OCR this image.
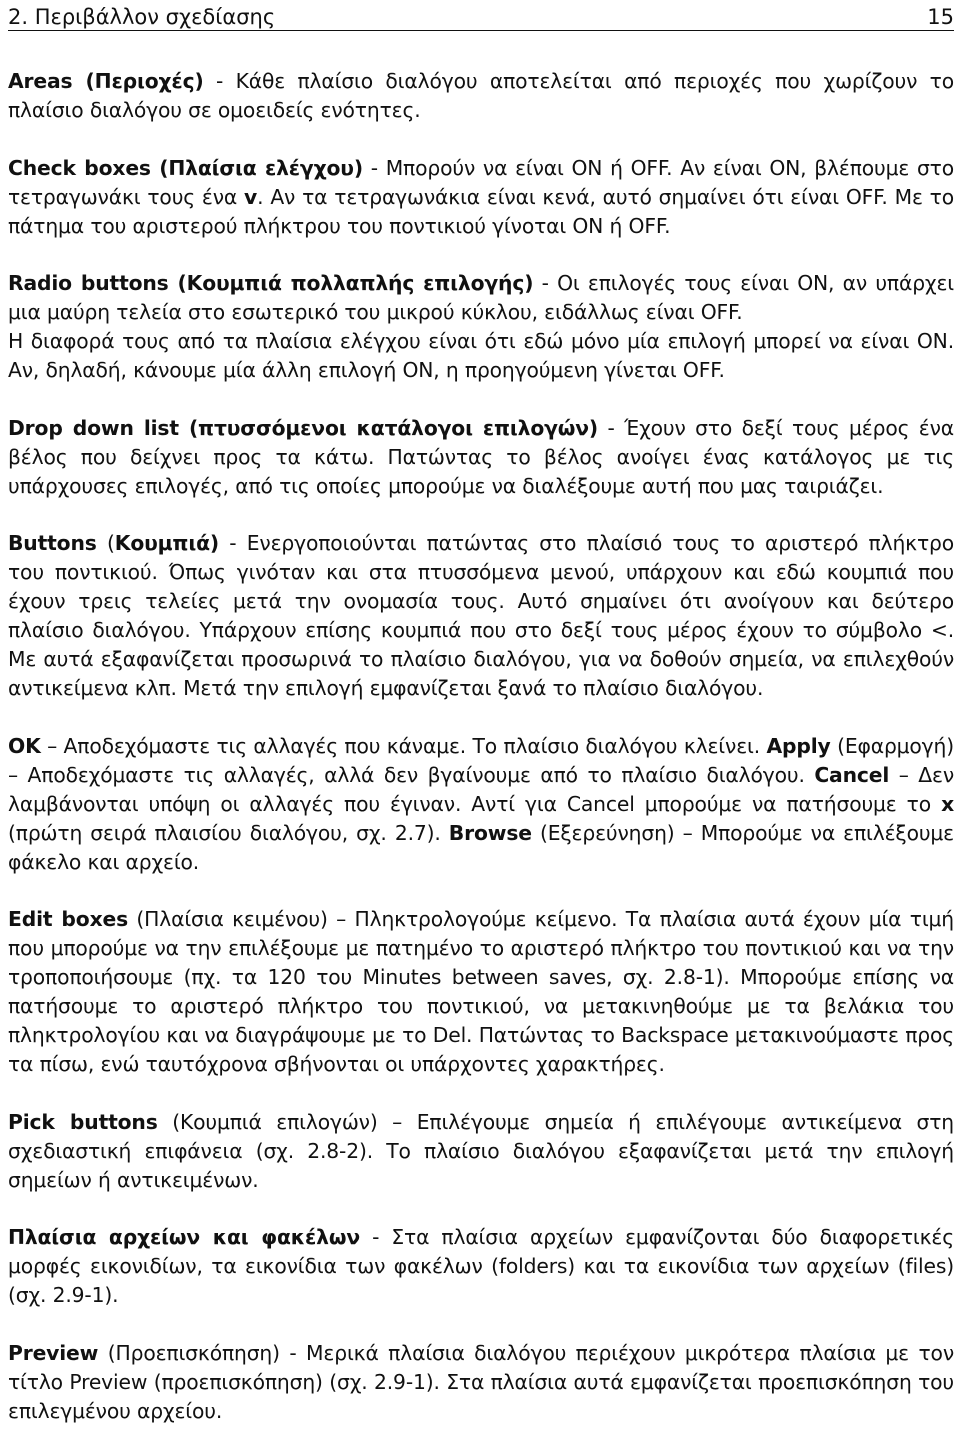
2. Περιβάλλον σχεδίασης	15

Areas (Περιοχές) - Κάθε πλαίσιο διαλόγου αποτελείται από περιοχές που χωρίζουν το πλαίσιο διαλόγου σε ομοειδείς ενότητες.

Check boxes (Πλαίσια ελέγχου) - Μπορούν να είναι ON ή OFF. Αν είναι ON, βλέπουμε στο τετραγωνάκι τους ένα v. Αν τα τετραγωνάκια είναι κενά, αυτό σημαίνει ότι είναι OFF. Με το πάτημα του αριστερού πλήκτρου του ποντικιού γίνοται ON ή OFF.

Radio buttons (Κουμπιά πολλαπλής επιλογής) - Οι επιλογές τους είναι ON, αν υπάρχει μια μαύρη τελεία στο εσωτερικό του μικρού κύκλου, ειδάλλως είναι OFF.
Η διαφορά τους από τα πλαίσια ελέγχου είναι ότι εδώ μόνο μία επιλογή μπορεί να είναι ON. Αν, δηλαδή, κάνουμε μία άλλη επιλογή ON, η προηγούμενη γίνεται OFF.

Drop down list (πτυσσόμενοι κατάλογοι επιλογών) - Έχουν στο δεξί τους μέρος ένα βέλος που δείχνει προς τα κάτω. Πατώντας το βέλος ανοίγει ένας κατάλογος με τις υπάρχουσες επιλογές, από τις οποίες μπορούμε να διαλέξουμε αυτή που μας ταιριάζει.

Buttons (Κουμπιά) - Ενεργοποιούνται πατώντας στο πλαίσιό τους το αριστερό πλήκτρο του ποντικιού. Όπως γινόταν και στα πτυσσόμενα μενού, υπάρχουν και εδώ κουμπιά που έχουν τρεις τελείες μετά την ονομασία τους. Αυτό σημαίνει ότι ανοίγουν και δεύτερο πλαίσιο διαλόγου. Υπάρχουν επίσης κουμπιά που στο δεξί τους μέρος έχουν το σύμβολο <. Με αυτά εξαφανίζεται προσωρινά το πλαίσιο διαλόγου, για να δοθούν σημεία, να επιλεχθούν αντικείμενα κλπ. Μετά την επιλογή εμφανίζεται ξανά το πλαίσιο διαλόγου.

OK – Αποδεχόμαστε τις αλλαγές που κάναμε. Το πλαίσιο διαλόγου κλείνει. Apply (Εφαρμογή) – Αποδεχόμαστε τις αλλαγές, αλλά δεν βγαίνουμε από το πλαίσιο διαλόγου. Cancel – Δεν λαμβάνονται υπόψη οι αλλαγές που έγιναν. Αντί για Cancel μπορούμε να πατήσουμε το x (πρώτη σειρά πλαισίου διαλόγου, σχ. 2.7). Browse (Εξερεύνηση) – Μπορούμε να επιλέξουμε φάκελο και αρχείο.

Edit boxes (Πλαίσια κειμένου) – Πληκτρολογούμε κείμενο. Τα πλαίσια αυτά έχουν μία τιμή που μπορούμε να την επιλέξουμε με πατημένο το αριστερό πλήκτρο του ποντικιού και να την τροποποιήσουμε (πχ. τα 120 του Minutes between saves, σχ. 2.8-1). Μπορούμε επίσης να πατήσουμε το αριστερό πλήκτρο του ποντικιού, να μετακινηθούμε με τα βελάκια του πληκτρολογίου και να διαγράψουμε με το Del. Πατώντας το Backspace μετακινούμαστε προς τα πίσω, ενώ ταυτόχρονα σβήνονται οι υπάρχοντες χαρακτήρες.

Pick buttons (Κουμπιά επιλογών) – Επιλέγουμε σημεία ή επιλέγουμε αντικείμενα στη σχεδιαστική επιφάνεια (σχ. 2.8-2). Το πλαίσιο διαλόγου εξαφανίζεται μετά την επιλογή σημείων ή αντικειμένων.

Πλαίσια αρχείων και φακέλων - Στα πλαίσια αρχείων εμφανίζονται δύο διαφορετικές μορφές εικονιδίων, τα εικονίδια των φακέλων (folders) και τα εικονίδια των αρχείων (files) (σχ. 2.9-1).

Preview (Προεπισκόπηση) - Μερικά πλαίσια διαλόγου περιέχουν μικρότερα πλαίσια με τον τίτλο Preview (προεπισκόπηση) (σχ. 2.9-1). Στα πλαίσια αυτά εμφανίζεται προεπισκόπηση του επιλεγμένου αρχείου.
